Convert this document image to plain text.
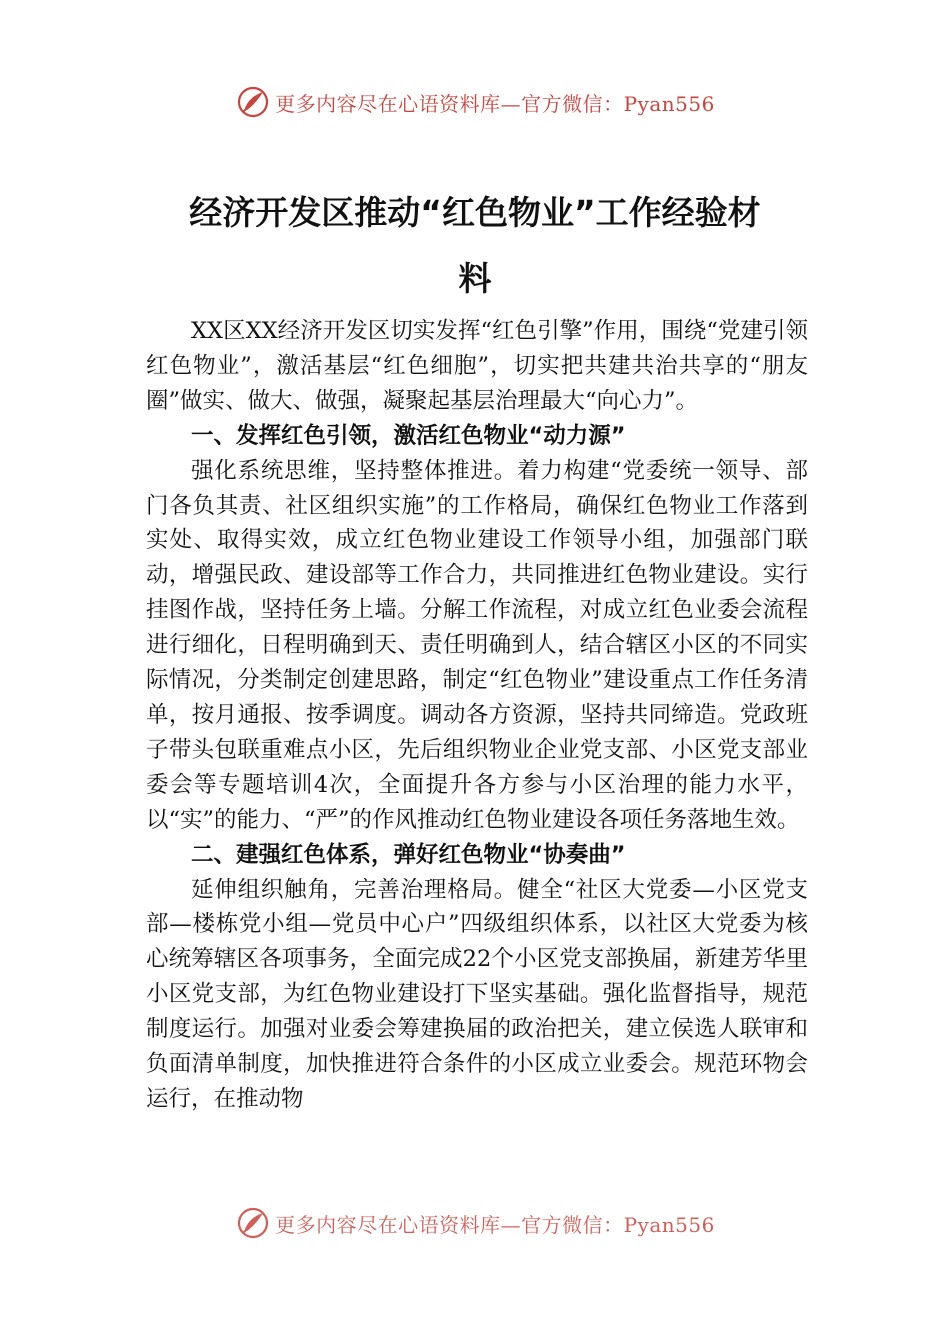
更多内容尽在心语资料库—官方微信：Pyan556
经济开发区推动“红色物业”工作经验材
料

XX区XX经济开发区切实发挥“红色引擎”作用，围绕“党建引领红色物业”，激活基层“红色细胞”，切实把共建共治共享的“朋友圈”做实、做大、做强，凝聚起基层治理最大“向心力”。

一、发挥红色引领，激活红色物业“动力源”

强化系统思维，坚持整体推进。着力构建“党委统一领导、部门各负其责、社区组织实施”的工作格局，确保红色物业工作落到实处、取得实效，成立红色物业建设工作领导小组，加强部门联动，增强民政、建设部等工作合力，共同推进红色物业建设。实行挂图作战，坚持任务上墙。分解工作流程，对成立红色业委会流程进行细化，日程明确到天、责任明确到人，结合辖区小区的不同实际情况，分类制定创建思路，制定“红色物业”建设重点工作任务清单，按月通报、按季调度。调动各方资源，坚持共同缔造。党政班子带头包联重难点小区，先后组织物业企业党支部、小区党支部业委会等专题培训4次，全面提升各方参与小区治理的能力水平，以“实”的能力、“严”的作风推动红色物业建设各项任务落地生效。

二、建强红色体系，弹好红色物业“协奏曲”

延伸组织触角，完善治理格局。健全“社区大党委—小区党支部—楼栋党小组—党员中心户”四级组织体系，以社区大党委为核心统筹辖区各项事务，全面完成22个小区党支部换届，新建芳华里小区党支部，为红色物业建设打下坚实基础。强化监督指导，规范制度运行。加强对业委会筹建换届的政治把关，建立侯选人联审和负面清单制度，加快推进符合条件的小区成立业委会。规范环物会运行，在推动物

更多内容尽在心语资料库—官方微信：Pyan556
